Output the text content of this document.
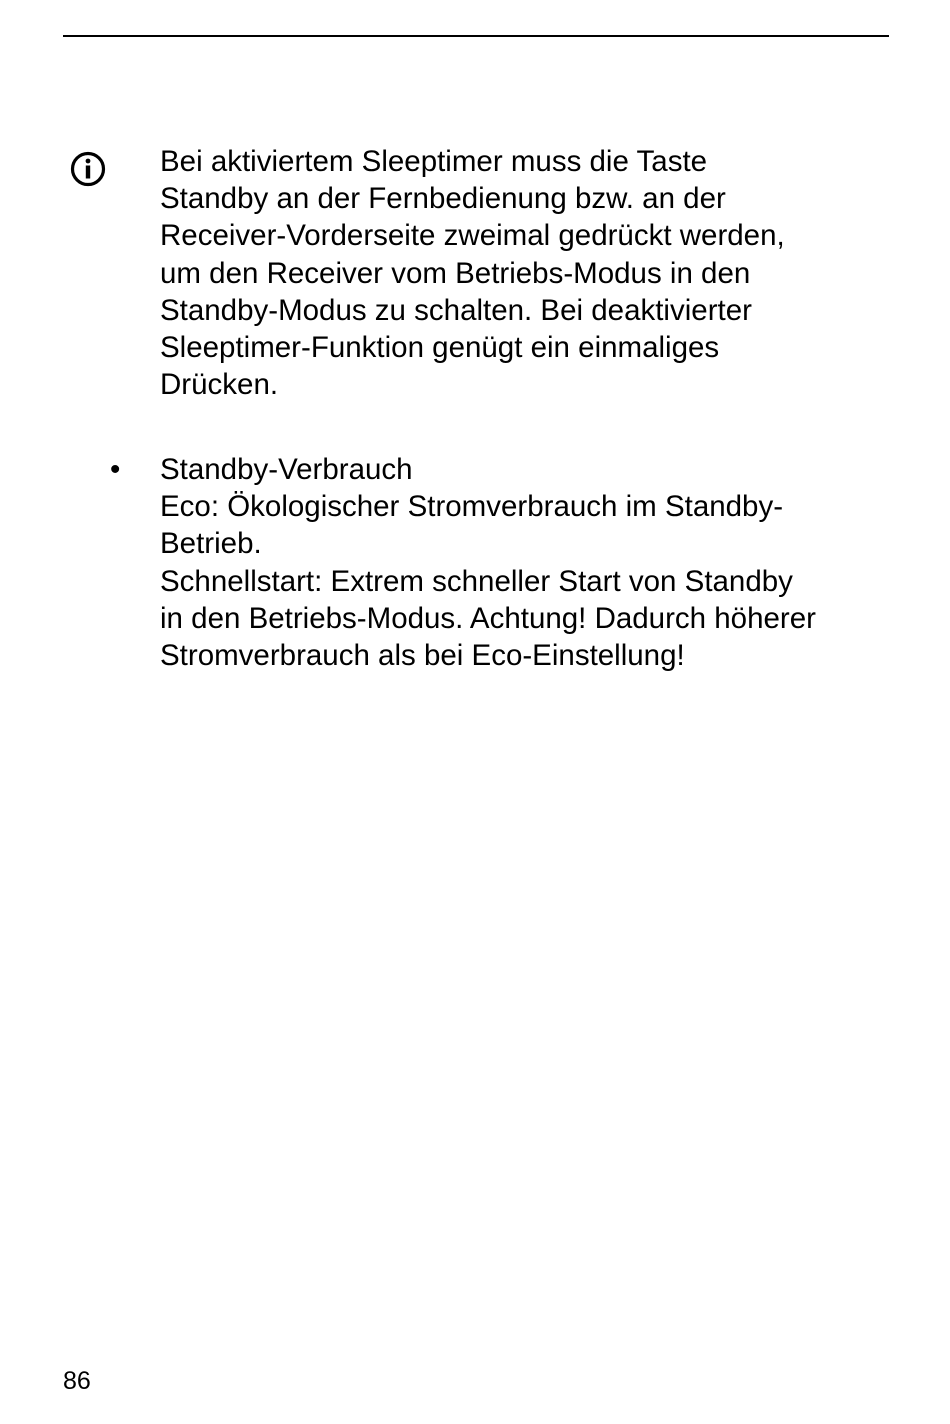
Bei aktiviertem Sleeptimer muss die Taste
Standby an der Fernbedienung bzw. an der
Receiver-Vorderseite zweimal gedrückt werden,
um den Receiver vom Betriebs-Modus in den
Standby-Modus zu schalten. Bei deaktivierter
Sleeptimer-Funktion genügt ein einmaliges
Drücken.
• Standby-Verbrauch
Eco: Ökologischer Stromverbrauch im Standby-
Betrieb.
Schnellstart: Extrem schneller Start von Standby
in den Betriebs-Modus. Achtung! Dadurch höherer
Stromverbrauch als bei Eco-Einstellung!
86
